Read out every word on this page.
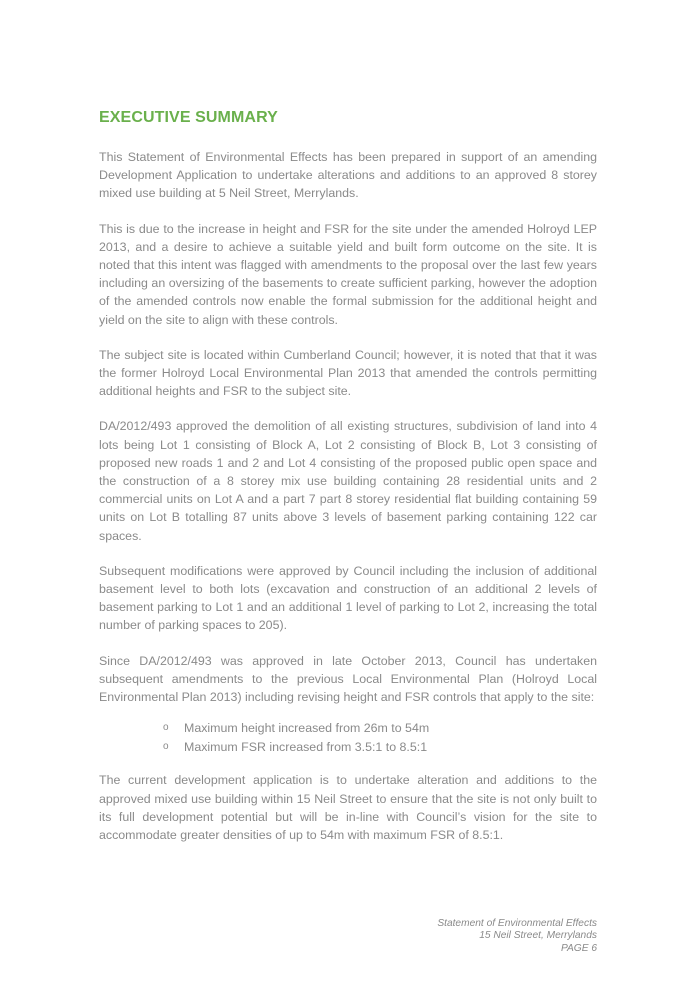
EXECUTIVE SUMMARY

This Statement of Environmental Effects has been prepared in support of an amending Development Application to undertake alterations and additions to an approved 8 storey mixed use building at 5 Neil Street, Merrylands.

This is due to the increase in height and FSR for the site under the amended Holroyd LEP 2013, and a desire to achieve a suitable yield and built form outcome on the site. It is noted that this intent was flagged with amendments to the proposal over the last few years including an oversizing of the basements to create sufficient parking, however the adoption of the amended controls now enable the formal submission for the additional height and yield on the site to align with these controls.

The subject site is located within Cumberland Council; however, it is noted that that it was the former Holroyd Local Environmental Plan 2013 that amended the controls permitting additional heights and FSR to the subject site.

DA/2012/493 approved the demolition of all existing structures, subdivision of land into 4 lots being Lot 1 consisting of Block A, Lot 2 consisting of Block B, Lot 3 consisting of proposed new roads 1 and 2 and Lot 4 consisting of the proposed public open space and the construction of a 8 storey mix use building containing 28 residential units and 2 commercial units on Lot A and a part 7 part 8 storey residential flat building containing 59 units on Lot B totalling 87 units above 3 levels of basement parking containing 122 car spaces.

Subsequent modifications were approved by Council including the inclusion of additional basement level to both lots (excavation and construction of an additional 2 levels of basement parking to Lot 1 and an additional 1 level of parking to Lot 2, increasing the total number of parking spaces to 205).

Since DA/2012/493 was approved in late October 2013, Council has undertaken subsequent amendments to the previous Local Environmental Plan (Holroyd Local Environmental Plan 2013) including revising height and FSR controls that apply to the site:

o Maximum height increased from 26m to 54m
o Maximum FSR increased from 3.5:1 to 8.5:1

The current development application is to undertake alteration and additions to the approved mixed use building within 15 Neil Street to ensure that the site is not only built to its full development potential but will be in-line with Council’s vision for the site to accommodate greater densities of up to 54m with maximum FSR of 8.5:1.

Statement of Environmental Effects
15 Neil Street, Merrylands
PAGE 6
